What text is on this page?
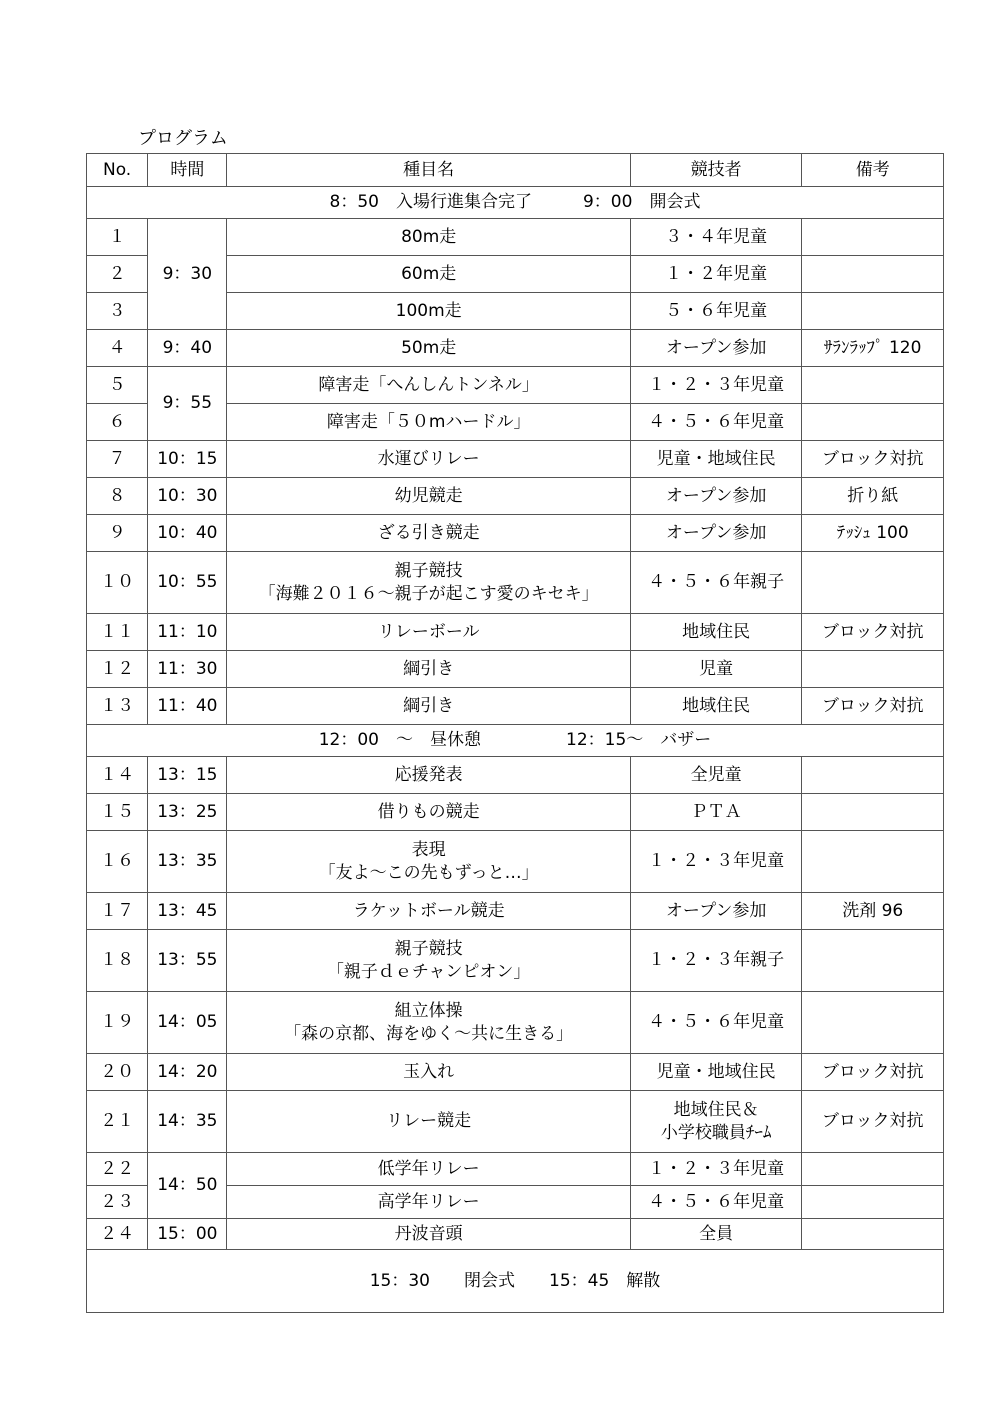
プログラム
No.	時間	種目名	競技者	備考
8：50　入場行進集合完了　　　9：00　開会式				
１	9：30	80m走	３・４年児童	
２		60m走	１・２年児童	
３		100m走	５・６年児童	
４	9：40	50m走	オープン参加	ｻﾗﾝﾗｯﾌﾟ 120
５	9：55	障害走「へんしんトンネル」	１・２・３年児童	
６		障害走「５０mハードル」	４・５・６年児童	
７	10：15	水運びリレー	児童・地域住民	ブロック対抗
８	10：30	幼児競走	オープン参加	折り紙
９	10：40	ざる引き競走	オープン参加	ﾃｯｼｭ 100
１０	10：55	親子競技
「海難２０１６～親子が起こす愛のキセキ」	４・５・６年親子	
１１	11：10	リレーボール	地域住民	ブロック対抗
１２	11：30	綱引き	児童	
１３	11：40	綱引き	地域住民	ブロック対抗
12：00　～　昼休憩　　　　　12：15～　バザー				
１４	13：15	応援発表	全児童	
１５	13：25	借りもの競走	ＰＴＡ	
１６	13：35	表現
「友よ～この先もずっと…」	１・２・３年児童	
１７	13：45	ラケットボール競走	オープン参加	洗剤 96
１８	13：55	親子競技
「親子ｄｅチャンピオン」	１・２・３年親子	
１９	14：05	組立体操
「森の京都、海をゆく～共に生きる」	４・５・６年児童	
２０	14：20	玉入れ	児童・地域住民	ブロック対抗
２１	14：35	リレー競走	地域住民＆
小学校職員ﾁｰﾑ	ブロック対抗
２２	14：50	低学年リレー	１・２・３年児童	
２３		高学年リレー	４・５・６年児童	
２４	15：00	丹波音頭	全員	
15：30　　閉会式　　15：45　解散				
